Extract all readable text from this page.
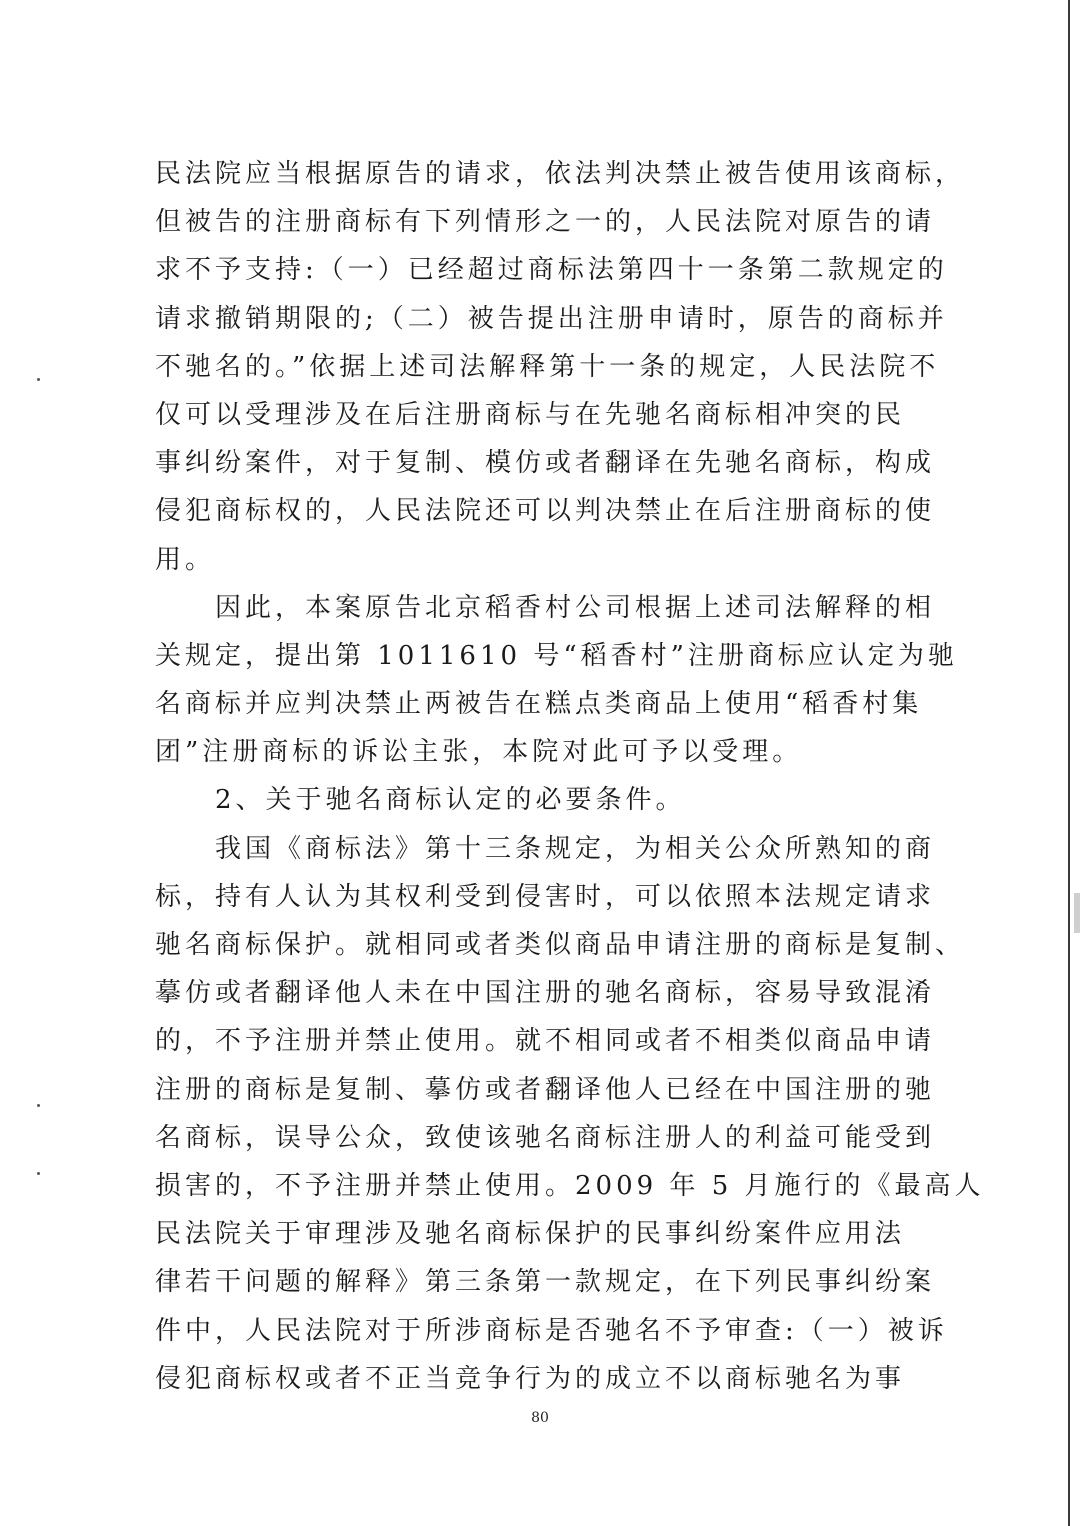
民法院应当根据原告的请求，依法判决禁止被告使用该商标，
但被告的注册商标有下列情形之一的，人民法院对原告的请
求不予支持:（一）已经超过商标法第四十一条第二款规定的
请求撤销期限的;（二）被告提出注册申请时，原告的商标并
不驰名的。”依据上述司法解释第十一条的规定，人民法院不
仅可以受理涉及在后注册商标与在先驰名商标相冲突的民
事纠纷案件，对于复制、模仿或者翻译在先驰名商标，构成
侵犯商标权的，人民法院还可以判决禁止在后注册商标的使
用。
　　因此，本案原告北京稻香村公司根据上述司法解释的相
关规定，提出第 1011610 号“稻香村”注册商标应认定为驰
名商标并应判决禁止两被告在糕点类商品上使用“稻香村集
团”注册商标的诉讼主张，本院对此可予以受理。
　　2、关于驰名商标认定的必要条件。
　　我国《商标法》第十三条规定，为相关公众所熟知的商
标，持有人认为其权利受到侵害时，可以依照本法规定请求
驰名商标保护。就相同或者类似商品申请注册的商标是复制、
摹仿或者翻译他人未在中国注册的驰名商标，容易导致混淆
的，不予注册并禁止使用。就不相同或者不相类似商品申请
注册的商标是复制、摹仿或者翻译他人已经在中国注册的驰
名商标，误导公众，致使该驰名商标注册人的利益可能受到
损害的，不予注册并禁止使用。2009 年 5 月施行的《最高人
民法院关于审理涉及驰名商标保护的民事纠纷案件应用法
律若干问题的解释》第三条第一款规定，在下列民事纠纷案
件中，人民法院对于所涉商标是否驰名不予审查:（一）被诉
侵犯商标权或者不正当竞争行为的成立不以商标驰名为事
80
